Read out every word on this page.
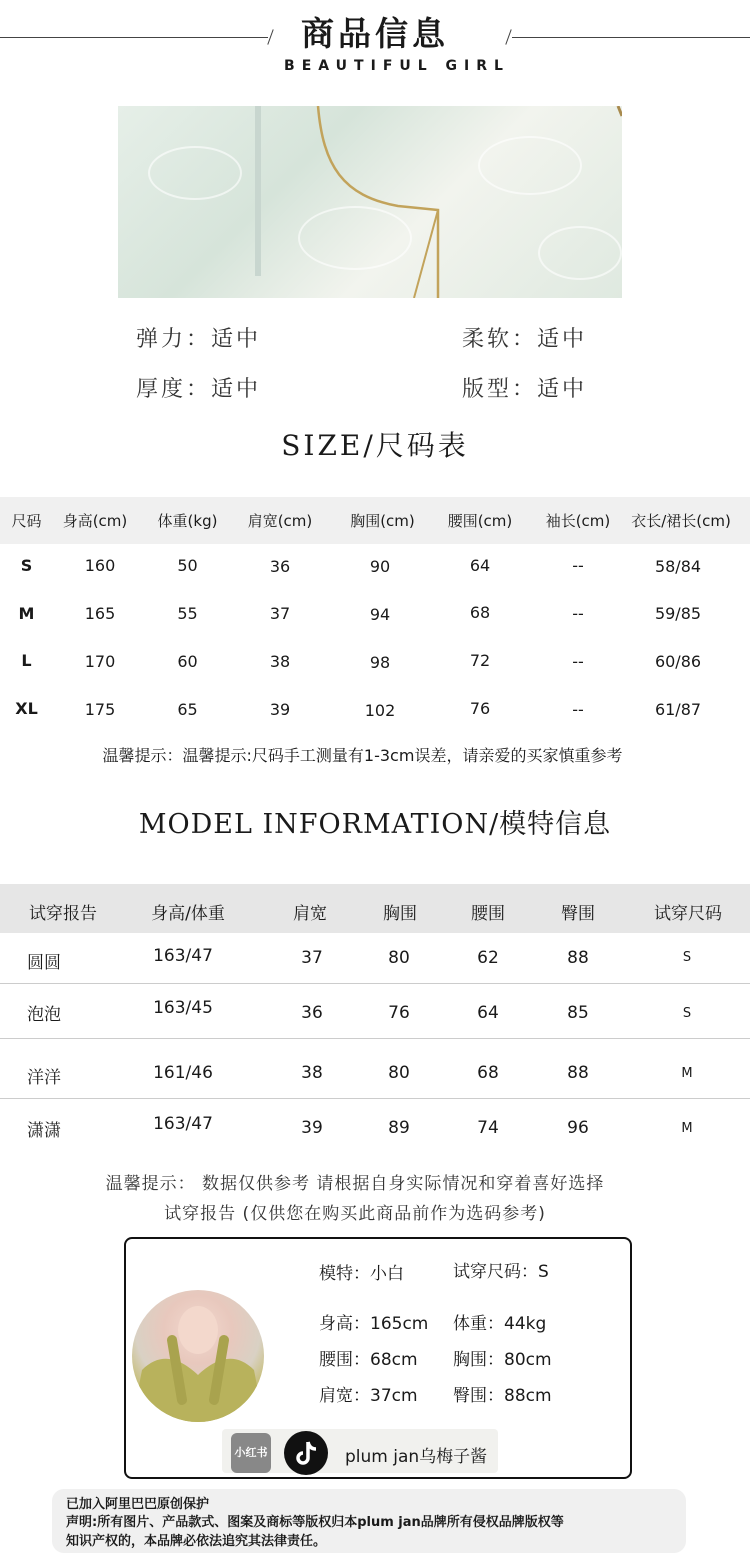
商品信息
BEAUTIFUL GIRL
弹力：适中	柔软：适中
厚度：适中	版型：适中
SIZE/尺码表
尺码	身高(cm)	体重(kg)	肩宽(cm)	胸围(cm)	腰围(cm)	袖长(cm)	衣长/裙长(cm)
S	160	50	36	90	64	--	58/84
M	165	55	37	94	68	--	59/85
L	170	60	38	98	72	--	60/86
XL	175	65	39	102	76	--	61/87
温馨提示：温馨提示:尺码手工测量有1-3cm误差，请亲爱的买家慎重参考
MODEL INFORMATION/模特信息
试穿报告	身高/体重	肩宽	胸围	腰围	臀围	试穿尺码
圆圆	163/47	37	80	62	88	S
泡泡	163/45	36	76	64	85	S
洋洋	161/46	38	80	68	88	M
潇潇	163/47	39	89	74	96	M
温馨提示： 数据仅供参考 请根据自身实际情况和穿着喜好选择
试穿报告 (仅供您在购买此商品前作为选码参考)
模特：小白	试穿尺码：S
身高：165cm 体重：44kg
腰围：68cm 胸围：80cm
肩宽：37cm 臀围：88cm
小红书	plum jan乌梅子酱
已加入阿里巴巴原创保护
声明:所有图片、产品款式、图案及商标等版权归本plum jan品牌所有侵权品牌版权等
知识产权的，本品牌必依法追究其法律责任。
